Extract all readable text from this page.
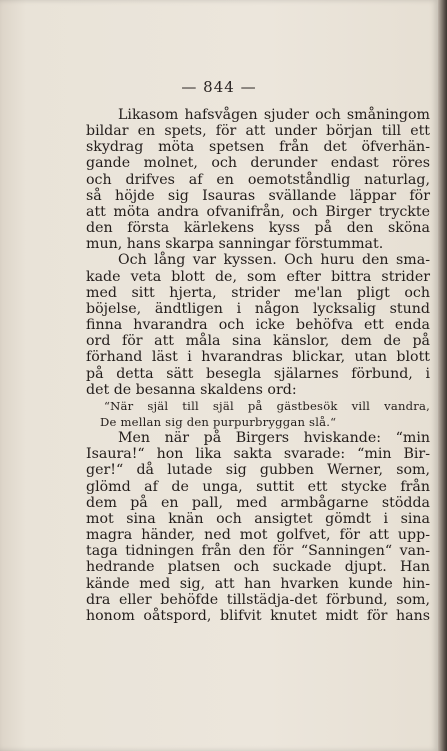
— 844 —
Likasom hafsvågen sjuder och småningom
bildar en spets, för att under början till ett
skydrag möta spetsen från det öfverhän-
gande molnet, och derunder endast röres
och drifves af en oemotståndlig naturlag,
så höjde sig Isauras svällande läppar för
att möta andra ofvanifrån, och Birger tryckte
den första kärlekens kyss på den sköna
mun, hans skarpa sanningar förstummat.
Och lång var kyssen. Och huru den sma-
kade veta blott de, som efter bittra strider
med sitt hjerta, strider me'lan pligt och
böjelse, ändtligen i någon lycksalig stund
finna hvarandra och icke behöfva ett enda
ord för att måla sina känslor, dem de på
förhand läst i hvarandras blickar, utan blott
på detta sätt besegla själarnes förbund, i
det de besanna skaldens ord:
“När själ till själ på gästbesök vill vandra,
De mellan sig den purpurbryggan slå.“
Men när på Birgers hviskande: “min
Isaura!“ hon lika sakta svarade: “min Bir-
ger!“ då lutade sig gubben Werner, som,
glömd af de unga, suttit ett stycke från
dem på en pall, med armbågarne stödda
mot sina knän och ansigtet gömdt i sina
magra händer, ned mot golfvet, för att upp-
taga tidningen från den för “Sanningen“ van-
hedrande platsen och suckade djupt. Han
kände med sig, att han hvarken kunde hin-
dra eller behöfde tillstädja-det förbund, som,
honom oåtspord, blifvit knutet midt för hans
